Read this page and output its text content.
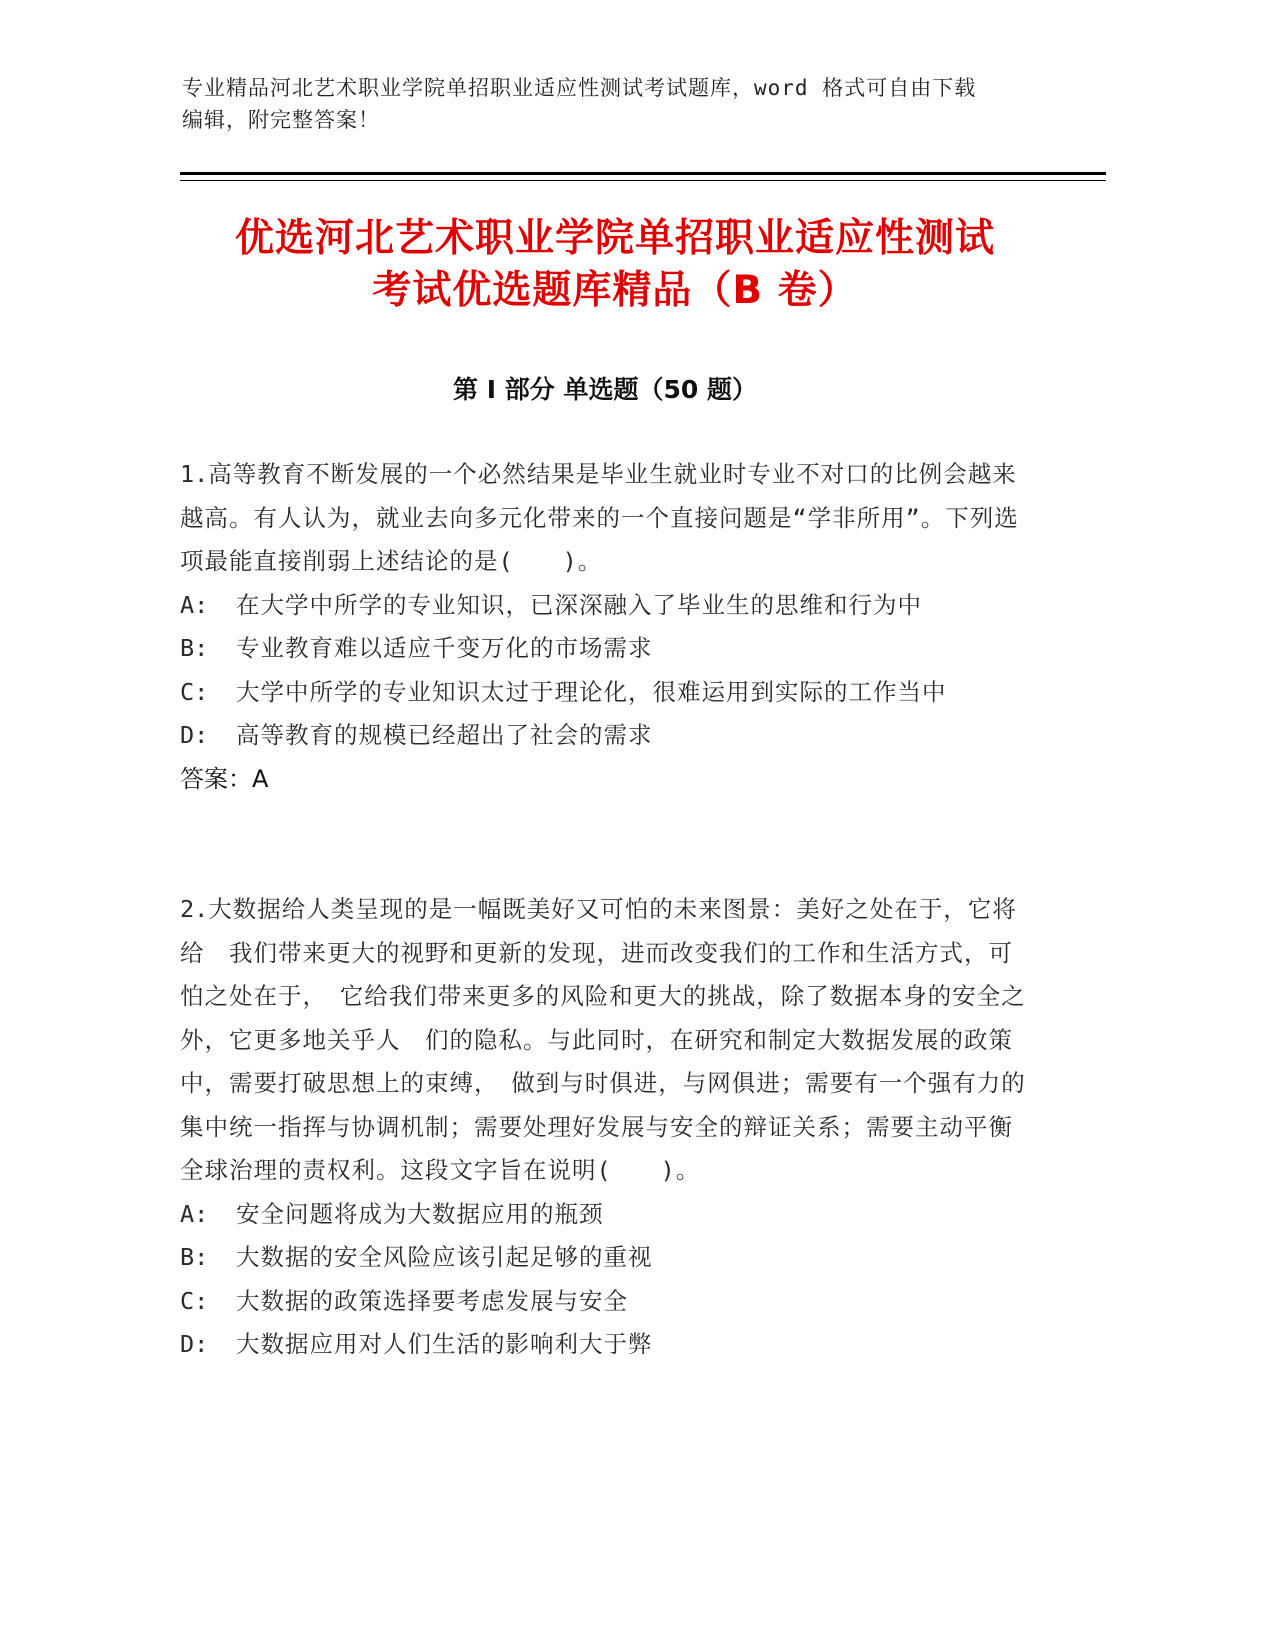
专业精品河北艺术职业学院单招职业适应性测试考试题库，word 格式可自由下载
编辑，附完整答案！
优选河北艺术职业学院单招职业适应性测试
考试优选题库精品（B 卷）
第 I 部分 单选题（50 题）

1.高等教育不断发展的一个必然结果是毕业生就业时专业不对口的比例会越来越高。有人认为，就业去向多元化带来的一个直接问题是“学非所用”。下列选项最能直接削弱上述结论的是(　　)。

A:	在大学中所学的专业知识，已深深融入了毕业生的思维和行为中
B:	专业教育难以适应千变万化的市场需求
C: 大学中所学的专业知识太过于理论化，很难运用到实际的工作当中
D:	高等教育的规模已经超出了社会的需求

答案：A

2.大数据给人类呈现的是一幅既美好又可怕的未来图景：美好之处在于，它将给　我们带来更大的视野和更新的发现，进而改变我们的工作和生活方式，可怕之处在于，　它给我们带来更多的风险和更大的挑战，除了数据本身的安全之外，它更多地关乎人　们的隐私。与此同时，在研究和制定大数据发展的政策中，需要打破思想上的束缚，　做到与时俱进，与网俱进；需要有一个强有力的集中统一指挥与协调机制；需要处理好发展与安全的辩证关系；需要主动平衡全球治理的责权利。这段文字旨在说明(　　)。

A:	安全问题将成为大数据应用的瓶颈
B:	大数据的安全风险应该引起足够的重视
C:	大数据的政策选择要考虑发展与安全
D:	大数据应用对人们生活的影响利大于弊
